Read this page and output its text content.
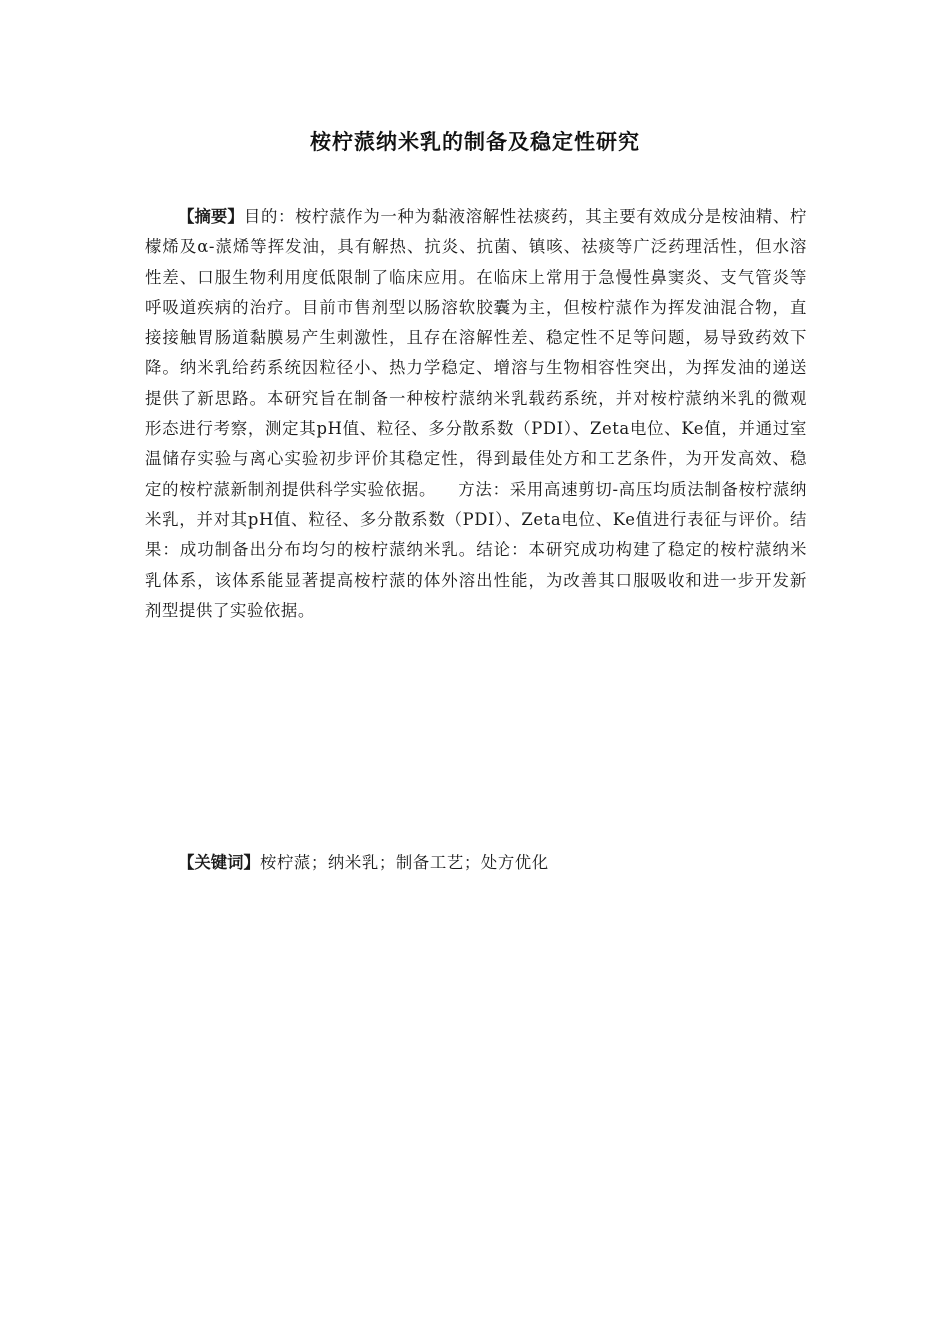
桉柠蒎纳米乳的制备及稳定性研究

【摘要】目的：桉柠蒎作为一种为黏液溶解性祛痰药，其主要有效成分是桉油精、柠檬烯及α-蒎烯等挥发油，具有解热、抗炎、抗菌、镇咳、祛痰等广泛药理活性，但水溶性差、口服生物利用度低限制了临床应用。在临床上常用于急慢性鼻窦炎、支气管炎等呼吸道疾病的治疗。目前市售剂型以肠溶软胶囊为主，但桉柠蒎作为挥发油混合物，直接接触胃肠道黏膜易产生刺激性，且存在溶解性差、稳定性不足等问题，易导致药效下降。纳米乳给药系统因粒径小、热力学稳定、增溶与生物相容性突出，为挥发油的递送提供了新思路。本研究旨在制备一种桉柠蒎纳米乳载药系统，并对桉柠蒎纳米乳的微观形态进行考察，测定其pH值、粒径、多分散系数（PDI）、Zeta电位、Ke值，并通过室温储存实验与离心实验初步评价其稳定性，得到最佳处方和工艺条件，为开发高效、稳定的桉柠蒎新制剂提供科学实验依据。 方法：采用高速剪切-高压均质法制备桉柠蒎纳米乳，并对其pH值、粒径、多分散系数（PDI）、Zeta电位、Ke值进行表征与评价。结果：成功制备出分布均匀的桉柠蒎纳米乳。结论：本研究成功构建了稳定的桉柠蒎纳米乳体系，该体系能显著提高桉柠蒎的体外溶出性能，为改善其口服吸收和进一步开发新剂型提供了实验依据。

【关键词】桉柠蒎；纳米乳；制备工艺；处方优化
